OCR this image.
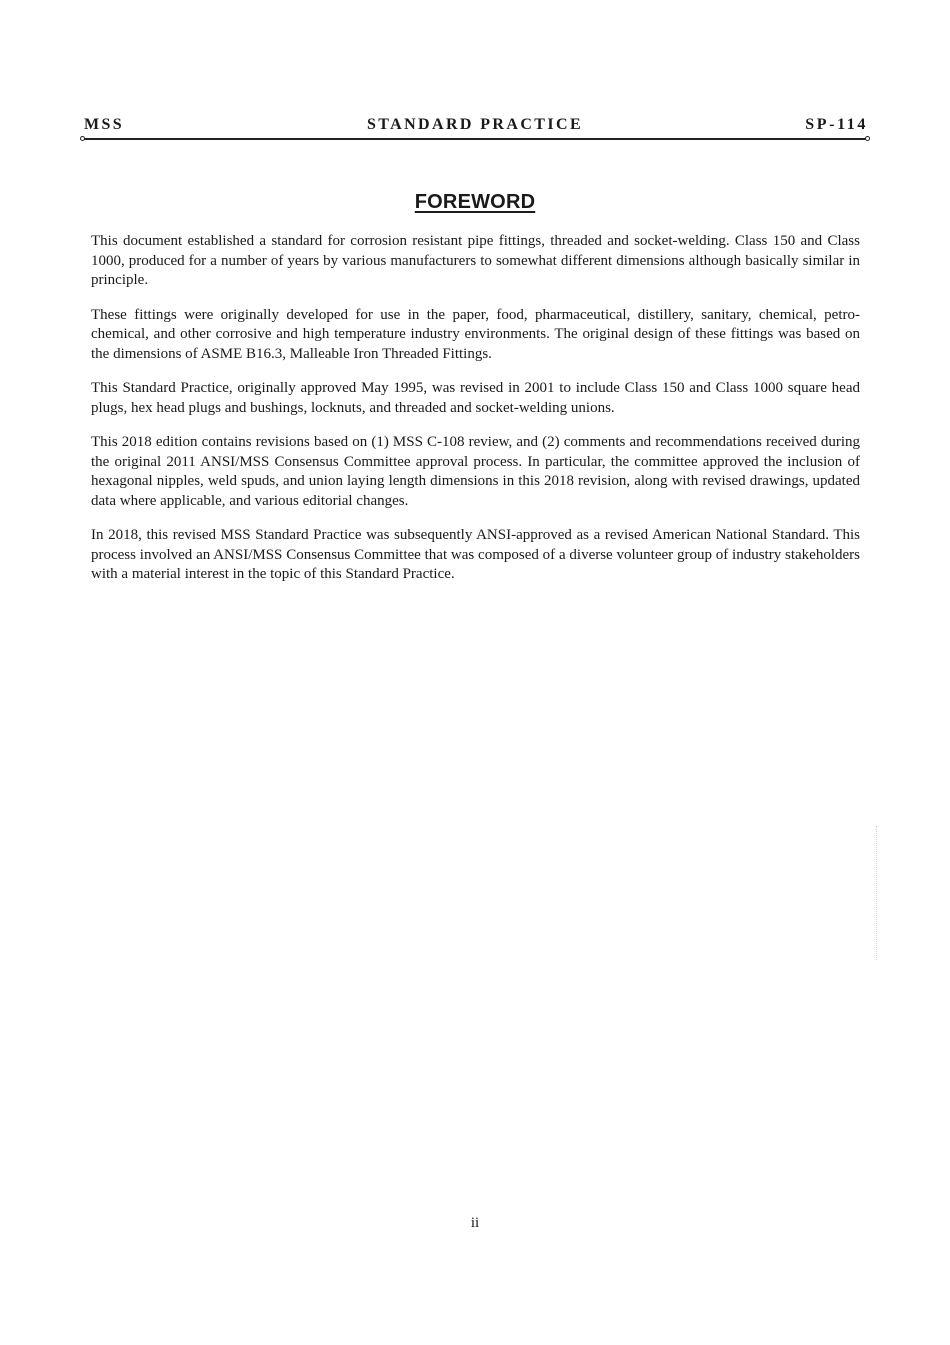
MSS	STANDARD PRACTICE	SP-114
FOREWORD

This document established a standard for corrosion resistant pipe fittings, threaded and socket-welding. Class 150 and Class 1000, produced for a number of years by various manufacturers to somewhat different dimensions although basically similar in principle.

These fittings were originally developed for use in the paper, food, pharmaceutical, distillery, sanitary, chemical, petro-chemical, and other corrosive and high temperature industry environments. The original design of these fittings was based on the dimensions of ASME B16.3, Malleable Iron Threaded Fittings.

This Standard Practice, originally approved May 1995, was revised in 2001 to include Class 150 and Class 1000 square head plugs, hex head plugs and bushings, locknuts, and threaded and socket-welding unions.

This 2018 edition contains revisions based on (1) MSS C-108 review, and (2) comments and recommendations received during the original 2011 ANSI/MSS Consensus Committee approval process. In particular, the committee approved the inclusion of hexagonal nipples, weld spuds, and union laying length dimensions in this 2018 revision, along with revised drawings, updated data where applicable, and various editorial changes.

In 2018, this revised MSS Standard Practice was subsequently ANSI-approved as a revised American National Standard. This process involved an ANSI/MSS Consensus Committee that was composed of a diverse volunteer group of industry stakeholders with a material interest in the topic of this Standard Practice.

ii
